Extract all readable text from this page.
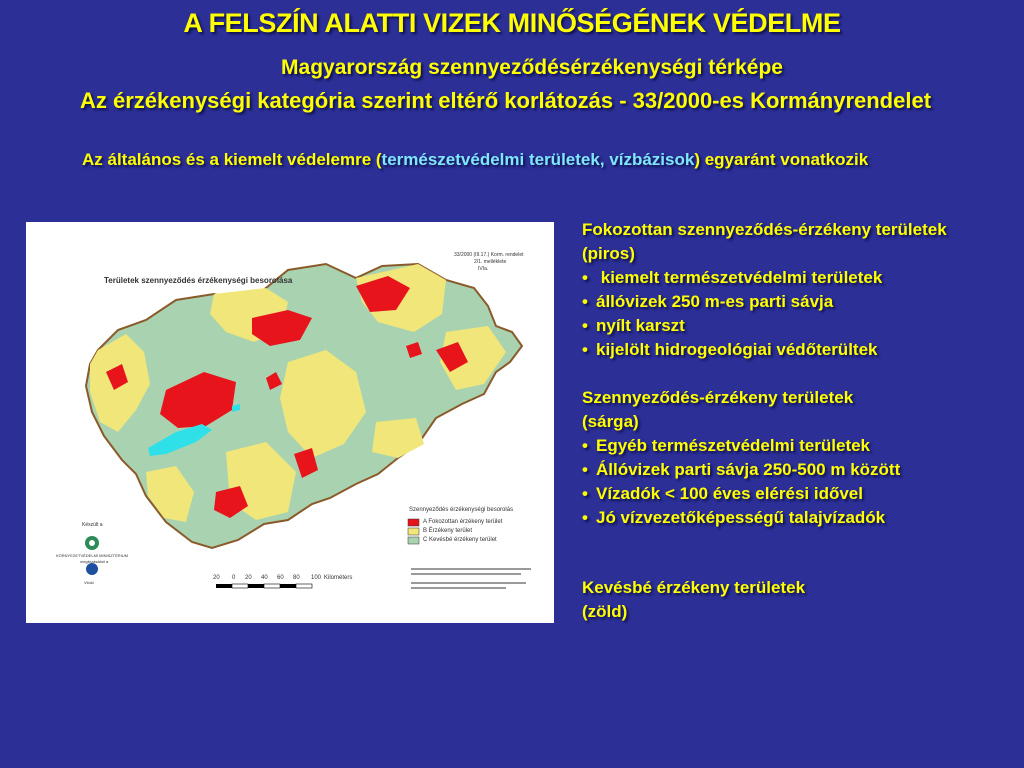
A FELSZÍN ALATTI VIZEK MINŐSÉGÉNEK VÉDELME
Magyarország szennyeződésérzékenységi térképe
Az érzékenységi kategória szerint eltérő korlátozás - 33/2000-es Kormányrendelet
Az általános és a kiemelt védelemre (természetvédelmi területek, vízbázisok) egyaránt vonatkozik
Területek szennyeződés érzékenységi besorolása
33/2000 (III.17.) Korm. rendelet
2/1. melléklete
IVIa.
Szennyeződés érzékenységi besorolás
A Fokozottan érzékeny terület
B Érzékeny terület
C Kevésbé érzékeny terület
20 0 20 40 60 80 100 Kilométers
Készült a
KÖRNYEZETVÉDELMI MINISZTÉRIUM
megbízásából a
Vituki
Fokozottan szennyeződés-érzékeny területek
(piros)
• kiemelt természetvédelmi területek
• állóvizek 250 m-es parti sávja
• nyílt karszt
• kijelölt hidrogeológiai védőterültek
Szennyeződés-érzékeny területek
(sárga)
• Egyéb természetvédelmi területek
• Állóvizek parti sávja 250-500 m között
• Vízadók < 100 éves elérési idővel
• Jó vízvezetőképességű talajvízadók
Kevésbé érzékeny területek
(zöld)
